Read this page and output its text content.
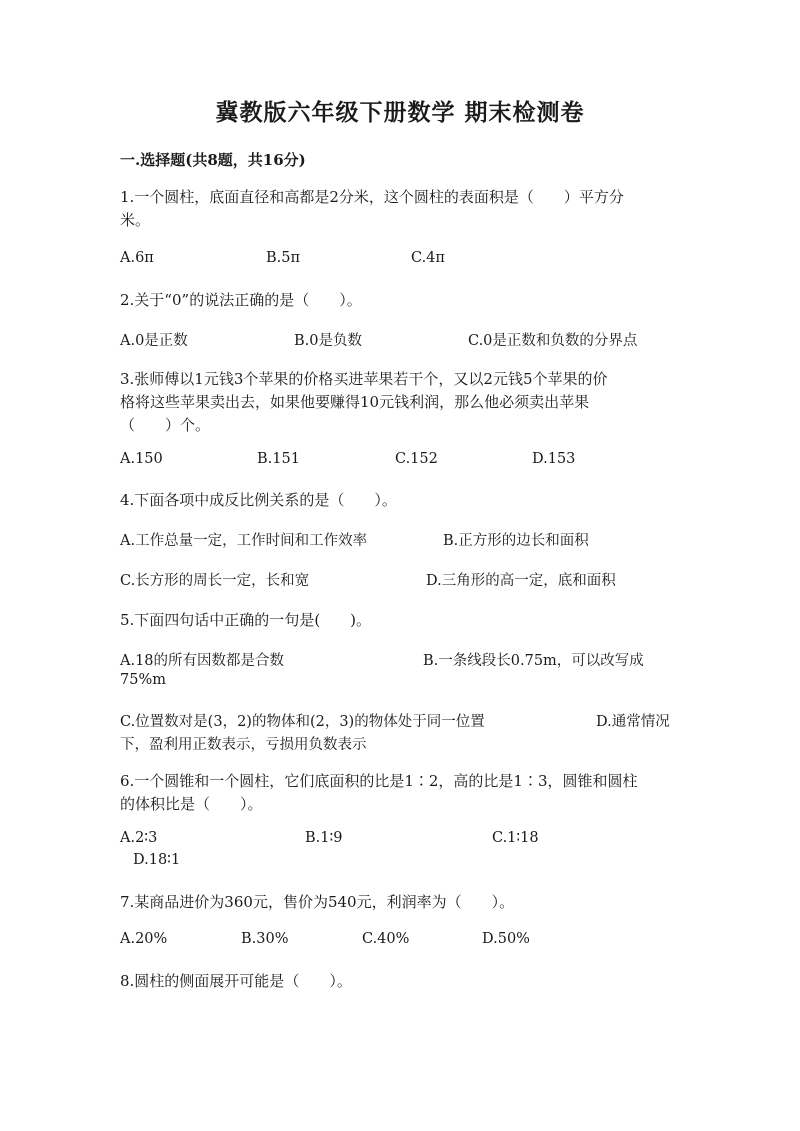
冀教版六年级下册数学 期末检测卷
一.选择题(共8题，共16分)
1.一个圆柱，底面直径和高都是2分米，这个圆柱的表面积是（　　）平方分
米。
A.6π	B.5π	C.4π
2.关于“0”的说法正确的是（　　）。
A.0是正数	B.0是负数	C.0是正数和负数的分界点
3.张师傅以1元钱3个苹果的价格买进苹果若干个，又以2元钱5个苹果的价
格将这些苹果卖出去，如果他要赚得10元钱利润，那么他必须卖出苹果
（　　）个。
A.150	B.151	C.152	D.153
4.下面各项中成反比例关系的是（　　）。
A.工作总量一定，工作时间和工作效率	B.正方形的边长和面积
C.长方形的周长一定，长和宽	D.三角形的高一定，底和面积
5.下面四句话中正确的一句是(　　)。
A.18的所有因数都是合数	B.一条线段长0.75m，可以改写成
75%m
C.位置数对是(3，2)的物体和(2，3)的物体处于同一位置	D.通常情况
下，盈利用正数表示，亏损用负数表示
6.一个圆锥和一个圆柱，它们底面积的比是1∶2，高的比是1∶3，圆锥和圆柱
的体积比是（　　）。
A.2∶3	B.1∶9	C.1∶18
D.18∶1
7.某商品进价为360元，售价为540元，利润率为（　　）。
A.20%	B.30%	C.40%	D.50%
8.圆柱的侧面展开可能是（　　）。
